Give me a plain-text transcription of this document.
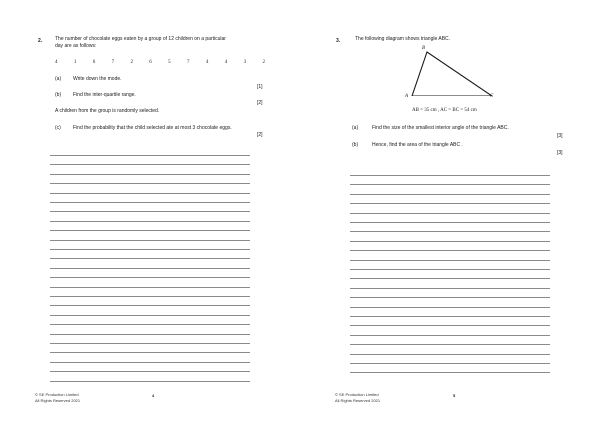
2.	The number of chocolate eggs eaten by a group of 12 children on a particular
day are as follows:
4	1	6	7	2	6	5	7	4	4	3	2
(a) Write down the mode.
[1]
(b) Find the inter-quartile range.
[2]
A children from the group is randomly selected.
(c) Find the probability that the child selected ate at most 3 chocolate eggs.
[2]
© SE Production Limited
All Rights Reserved 2021
4
3.	The following diagram shows triangle ABC.
B
A	C
AB = 35 cm , AC = BC = 54 cm
(a)	Find the size of the smallest interior angle of the triangle ABC.
[3]
(b)	Hence, find the area of the triangle ABC .
[3]
© SE Production Limited
All Rights Reserved 2021
5
